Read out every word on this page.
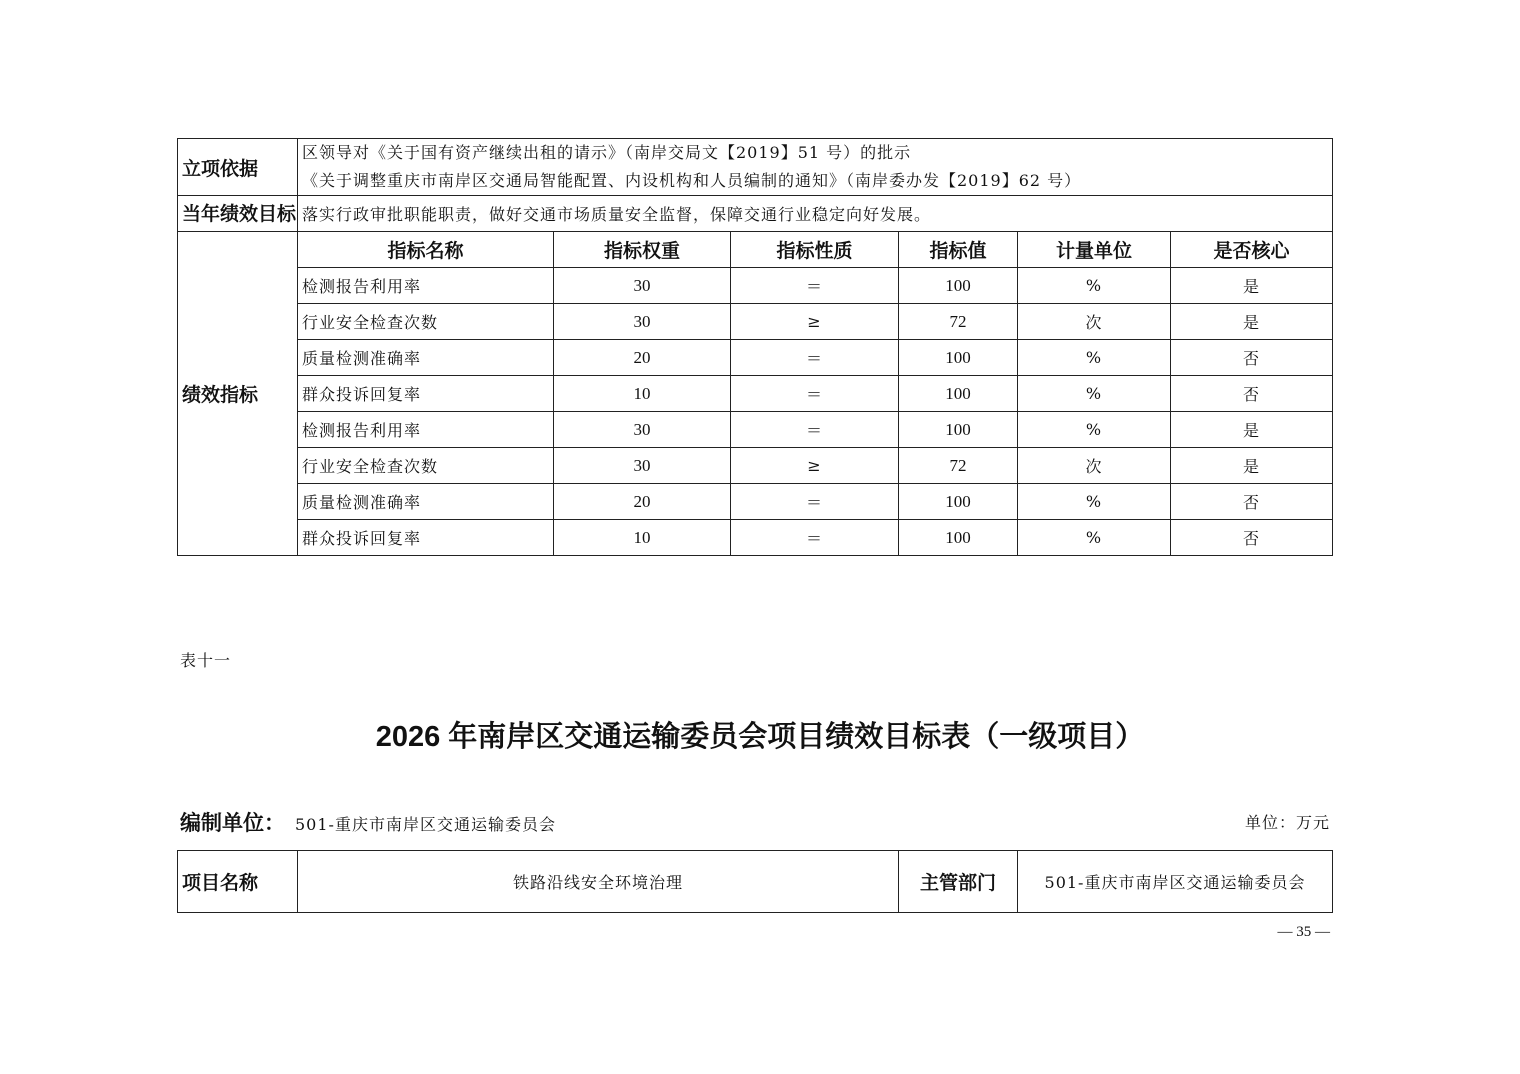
立项依据	区领导对《关于国有资产继续出租的请示》（南岸交局文【2019】51 号）的批示
《关于调整重庆市南岸区交通局智能配置、内设机构和人员编制的通知》（南岸委办发【2019】62 号）					

当年绩效目标	落实行政审批职能职责，做好交通市场质量安全监督，保障交通行业稳定向好发展。					
绩效指标	指标名称	指标权重	指标性质	指标值	计量单位	是否核心
	检测报告利用率	30	＝	100	%	是
	行业安全检查次数	30	≥	72	次	是
	质量检测准确率	20	＝	100	%	否
	群众投诉回复率	10	＝	100	%	否
	检测报告利用率	30	＝	100	%	是
	行业安全检查次数	30	≥	72	次	是
	质量检测准确率	20	＝	100	%	否
	群众投诉回复率	10	＝	100	%	否
表十一
2026 年南岸区交通运输委员会项目绩效目标表（一级项目）
编制单位： 501-重庆市南岸区交通运输委员会	单位：万元
项目名称	铁路沿线安全环境治理	主管部门	501-重庆市南岸区交通运输委员会
— 35 —
